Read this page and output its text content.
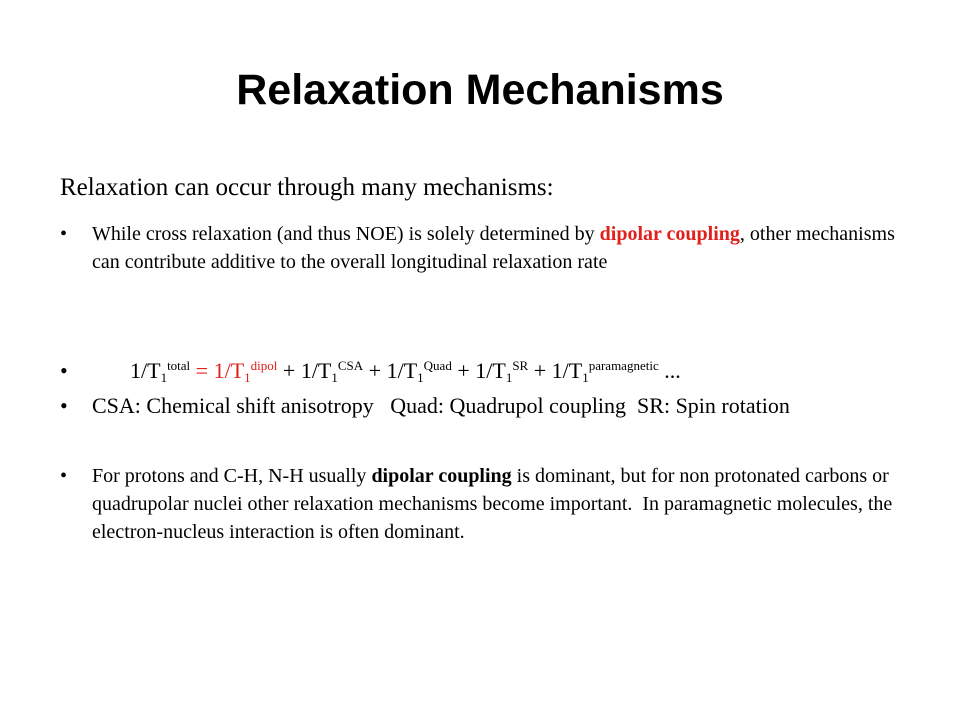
Relaxation Mechanisms
Relaxation can occur through many mechanisms:
•	While cross relaxation (and thus NOE) is solely determined by dipolar coupling, other mechanisms can contribute additive to the overall longitudinal relaxation rate
•	$1/T_1^{total} = 1/T_1^{dipol} + 1/T_1^{CSA} + 1/T_1^{Quad} + 1/T_1^{SR} + 1/T_1^{paramagnetic}$ ...
•	CSA: Chemical shift anisotropy   Quad: Quadrupol coupling  SR: Spin rotation
•	For protons and C-H, N-H usually dipolar coupling is dominant, but for non protonated carbons or quadrupolar nuclei other relaxation mechanisms become important.  In paramagnetic molecules, the electron-nucleus interaction is often dominant.
